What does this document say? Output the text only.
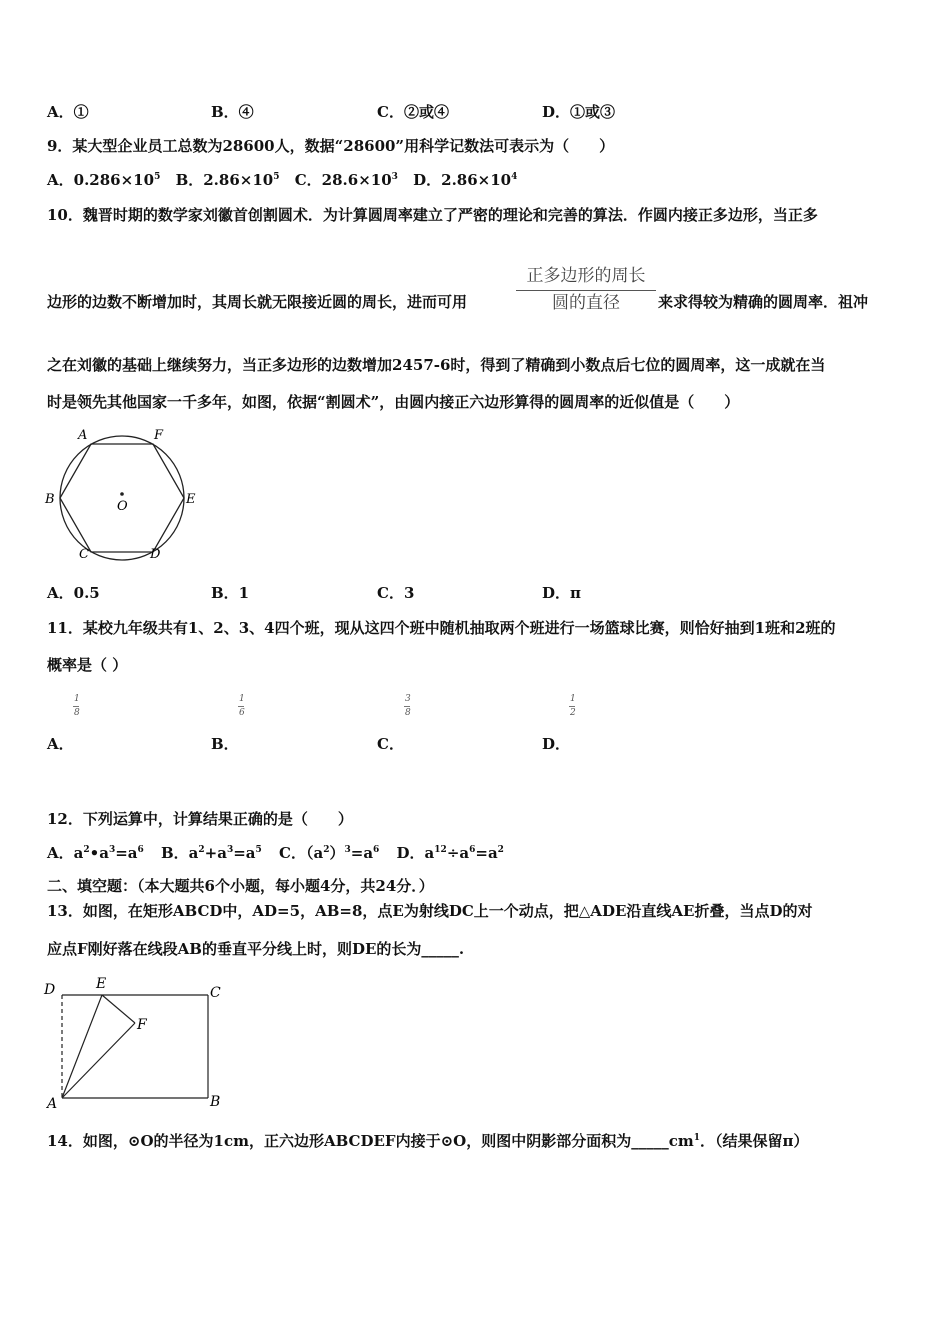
A．①	B．④	C．②或④	D．①或③
9．某大型企业员工总数为28600人，数据“28600”用科学记数法可表示为（　　）
A．$0.286\times 10^5$ B．$2.86\times 10^5$ C．$28.6\times 10^3$ D．$2.86\times 10^4$
10．魏晋时期的数学家刘徽首创割圆术．为计算圆周率建立了严密的理论和完善的算法．作圆内接正多边形，当正多
边形的边数不断增加时，其周长就无限接近圆的周长，进而可用
正多边形的周长
圆的直径	来求得较为精确的圆周率．祖冲
之在刘徽的基础上继续努力，当正多边形的边数增加2457-6时，得到了精确到小数点后七位的圆周率，这一成就在当
时是领先其他国家一千多年，如图，依据“割圆术”，由圆内接正六边形算得的圆周率的近似值是（　　）
A	F
B	E
C	D
O
A．0.5	B．1	C．3	D．π
11．某校九年级共有1、2、3、4四个班，现从这四个班中随机抽取两个班进行一场篮球比赛，则恰好抽到1班和2班的
概率是（ ）
1
8
1
6
3
8
1
2
A．	B．	C．	D．
12．下列运算中，计算结果正确的是（　　）
A．$a^2•a^3=a^6$ B．$a^2+a^3=a^5$ C．$(a^2)^3=a^6$ D．$a^{12}\div a^6=a^2$
二、填空题：（本大题共6个小题，每小题4分，共24分．）
13．如图，在矩形ABCD中，AD=5，AB=8，点E为射线DC上一个动点，把△ADE沿直线AE折叠，当点D的对
应点F刚好落在线段AB的垂直平分线上时，则DE的长为_____.
D	E
C
F
A	B
14．如图，⊙O的半径为1cm，正六边形ABCDEF内接于⊙O，则图中阴影部分面积为$\_\_\_\_\_cm^1$．（结果保留π）
